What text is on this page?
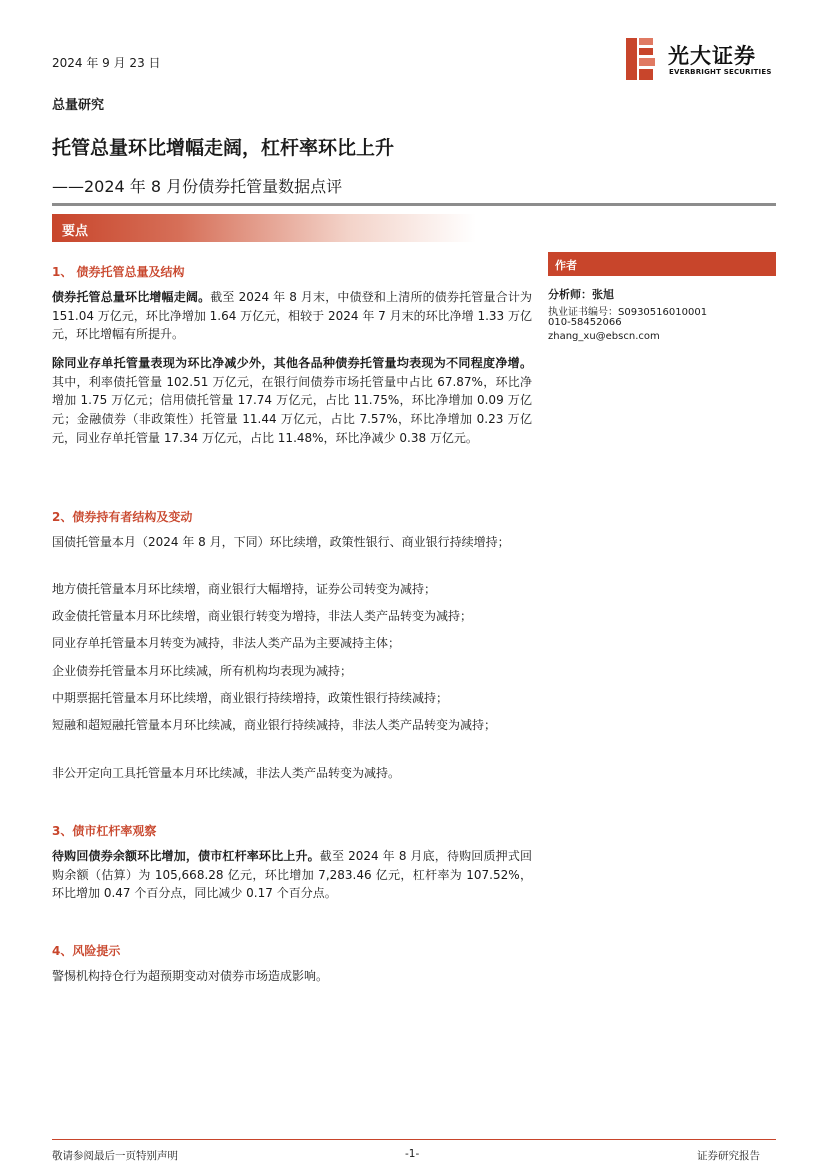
2024 年 9 月 23 日	光大证券
EVERBRIGHT SECURITIES
总量研究
托管总量环比增幅走阔，杠杆率环比上升
——2024 年 8 月份债券托管量数据点评
要点
1、 债券托管总量及结构

债券托管总量环比增幅走阔。截至 2024 年 8 月末，中债登和上清所的债券托管量合计为 151.04 万亿元，环比净增加 1.64 万亿元，相较于 2024 年 7 月末的环比净增 1.33 万亿元，环比增幅有所提升。

除同业存单托管量表现为环比净减少外，其他各品种债券托管量均表现为不同程度净增。其中，利率债托管量 102.51 万亿元，在银行间债券市场托管量中占比 67.87%，环比净增加 1.75 万亿元；信用债托管量 17.74 万亿元，占比 11.75%，环比净增加 0.09 万亿元；金融债券（非政策性）托管量 11.44 万亿元，占比 7.57%，环比净增加 0.23 万亿元，同业存单托管量 17.34 万亿元，占比 11.48%，环比净减少 0.38 万亿元。

2、债券持有者结构及变动

国债托管量本月（2024 年 8 月，下同）环比续增，政策性银行、商业银行持续增持；

地方债托管量本月环比续增，商业银行大幅增持，证券公司转变为减持；

政金债托管量本月环比续增，商业银行转变为增持，非法人类产品转变为减持；

同业存单托管量本月转变为减持，非法人类产品为主要减持主体；

企业债券托管量本月环比续减，所有机构均表现为减持；

中期票据托管量本月环比续增，商业银行持续增持，政策性银行持续减持；

短融和超短融托管量本月环比续减，商业银行持续减持，非法人类产品转变为减持；

非公开定向工具托管量本月环比续减，非法人类产品转变为减持。

3、债市杠杆率观察

待购回债券余额环比增加，债市杠杆率环比上升。截至 2024 年 8 月底，待购回质押式回购余额（估算）为 105,668.28 亿元，环比增加 7,283.46 亿元，杠杆率为 107.52%，环比增加 0.47 个百分点，同比减少 0.17 个百分点。

4、风险提示

警惕机构持仓行为超预期变动对债券市场造成影响。

作者
分析师：张旭
执业证书编号：S0930516010001
010-58452066
zhang_xu@ebscn.com
敬请参阅最后一页特别声明	-1-	证券研究报告
